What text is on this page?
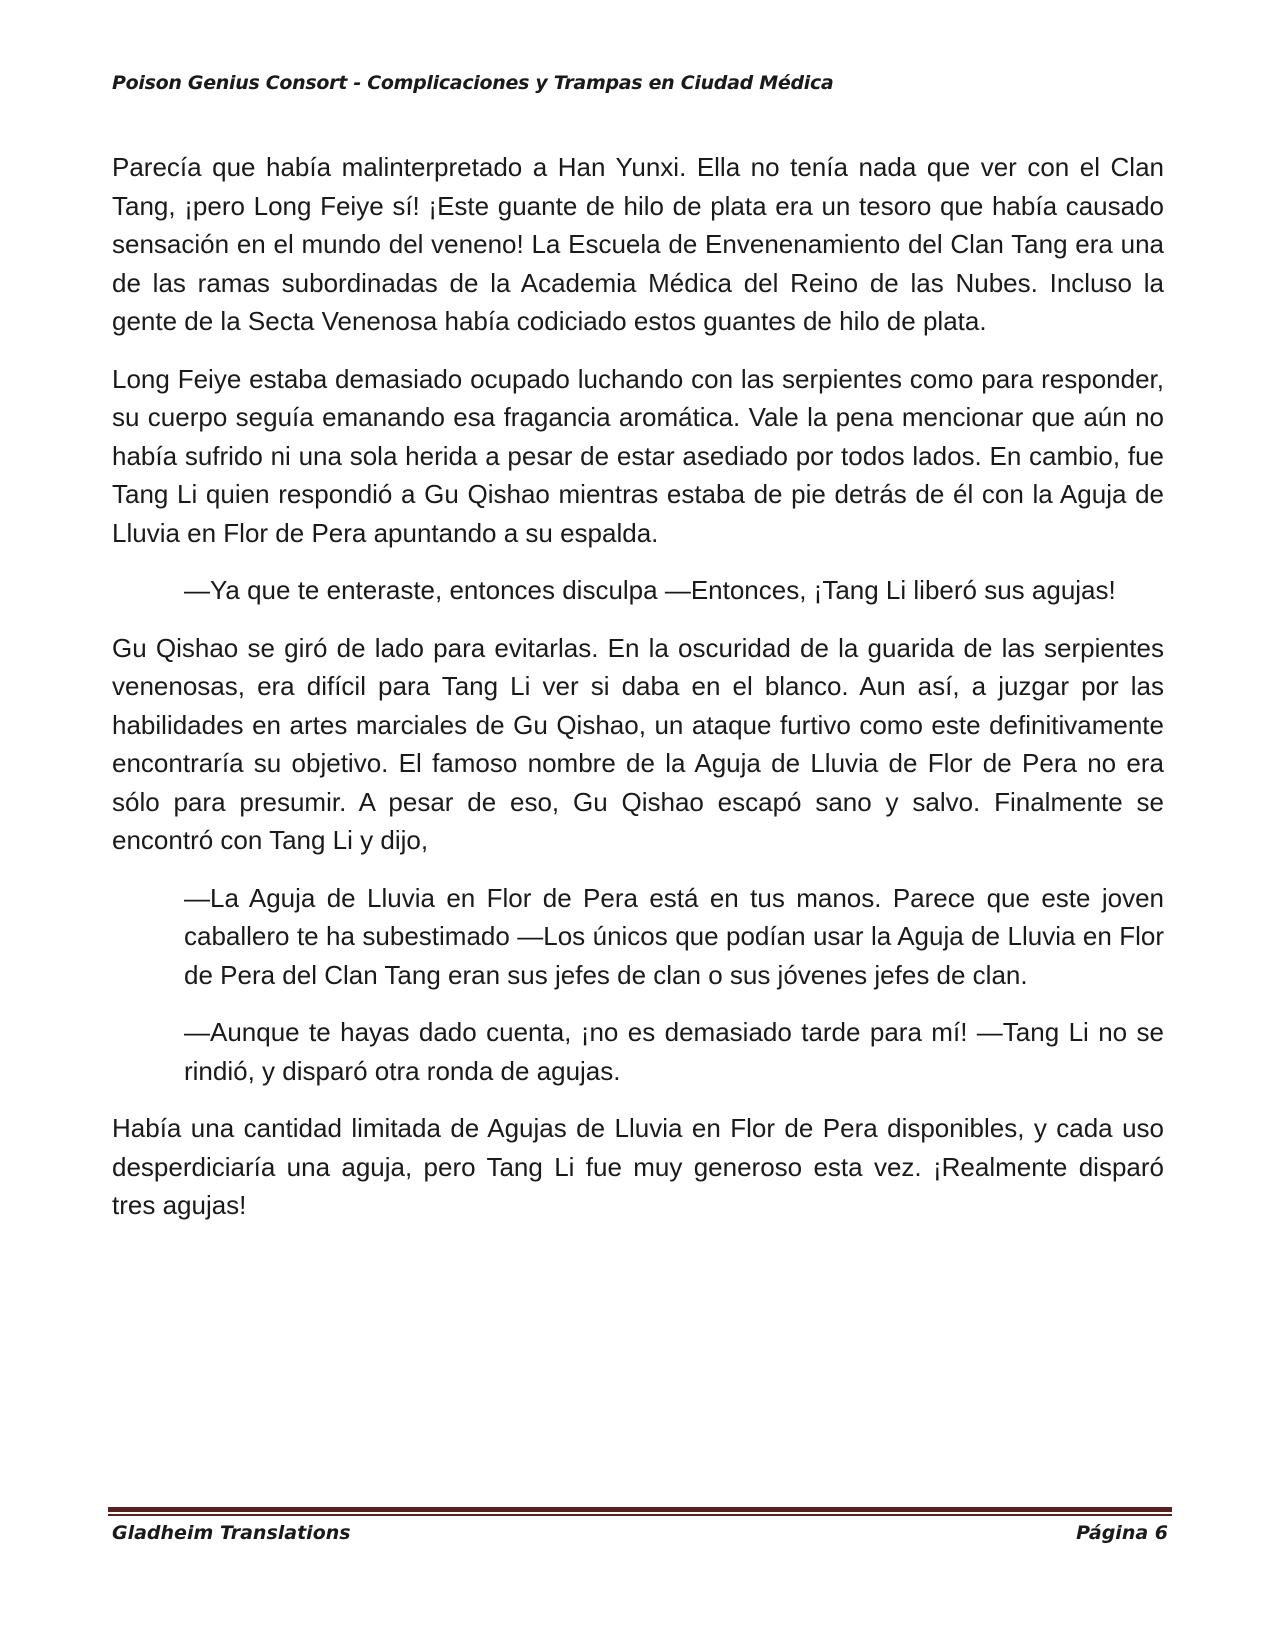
Poison Genius Consort - Complicaciones y Trampas en Ciudad Médica

Parecía que había malinterpretado a Han Yunxi. Ella no tenía nada que ver con el Clan Tang, ¡pero Long Feiye sí! ¡Este guante de hilo de plata era un tesoro que había causado sensación en el mundo del veneno! La Escuela de Envenenamiento del Clan Tang era una de las ramas subordinadas de la Academia Médica del Reino de las Nubes. Incluso la gente de la Secta Venenosa había codiciado estos guantes de hilo de plata.

Long Feiye estaba demasiado ocupado luchando con las serpientes como para responder, su cuerpo seguía emanando esa fragancia aromática. Vale la pena mencionar que aún no había sufrido ni una sola herida a pesar de estar asediado por todos lados. En cambio, fue Tang Li quien respondió a Gu Qishao mientras estaba de pie detrás de él con la Aguja de Lluvia en Flor de Pera apuntando a su espalda.

—Ya que te enteraste, entonces disculpa —Entonces, ¡Tang Li liberó sus agujas!

Gu Qishao se giró de lado para evitarlas. En la oscuridad de la guarida de las serpientes venenosas, era difícil para Tang Li ver si daba en el blanco. Aun así, a juzgar por las habilidades en artes marciales de Gu Qishao, un ataque furtivo como este definitivamente encontraría su objetivo. El famoso nombre de la Aguja de Lluvia de Flor de Pera no era sólo para presumir. A pesar de eso, Gu Qishao escapó sano y salvo. Finalmente se encontró con Tang Li y dijo,

—La Aguja de Lluvia en Flor de Pera está en tus manos. Parece que este joven caballero te ha subestimado —Los únicos que podían usar la Aguja de Lluvia en Flor de Pera del Clan Tang eran sus jefes de clan o sus jóvenes jefes de clan.

—Aunque te hayas dado cuenta, ¡no es demasiado tarde para mí! —Tang Li no se rindió, y disparó otra ronda de agujas.

Había una cantidad limitada de Agujas de Lluvia en Flor de Pera disponibles, y cada uso desperdiciaría una aguja, pero Tang Li fue muy generoso esta vez. ¡Realmente disparó tres agujas!

Gladheim Translations	Página 6
